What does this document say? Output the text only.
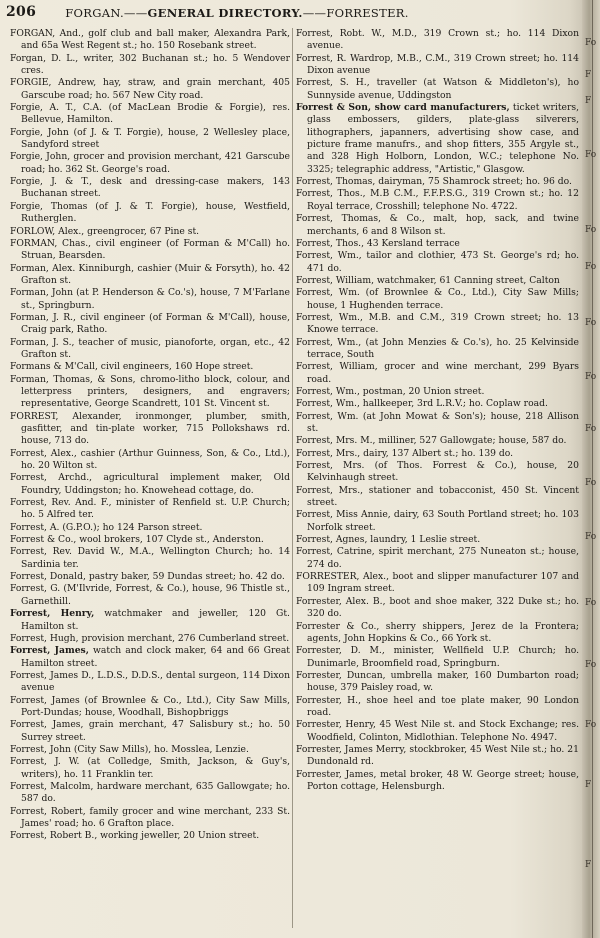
206	FORGAN.——GENERAL DIRECTORY.——FORRESTER.
FORGAN, And., golf club and ball maker, Alexandra Park, and 65a West Regent st.; ho. 150 Rosebank street.
Forgan, D. L., writer, 302 Buchanan st.; ho. 5 Wendover cres.
FORGIE, Andrew, hay, straw, and grain merchant, 405 Garscube road; ho. 567 New City road.
Forgie, A. T., C.A. (of MacLean Brodie & Forgie), res. Bellevue, Hamilton.
Forgie, John (of J. & T. Forgie), house, 2 Wellesley place, Sandyford street
Forgie, John, grocer and provision merchant, 421 Garscube road; ho. 362 St. George's road.
Forgie, J. & T., desk and dressing-case makers, 143 Buchanan street.
Forgie, Thomas (of J. & T. Forgie), house, Westfield, Rutherglen.
FORLOW, Alex., greengrocer, 67 Pine st.
FORMAN, Chas., civil engineer (of Forman & M'Call) ho. Struan, Bearsden.
Forman, Alex. Kinniburgh, cashier (Muir & Forsyth), ho. 42 Grafton st.
Forman, John (at P. Henderson & Co.'s), house, 7 M'Farlane st., Springburn.
Forman, J. R., civil engineer (of Forman & M'Call), house, Craig park, Ratho.
Forman, J. S., teacher of music, pianoforte, organ, etc., 42 Grafton st.
Formans & M'Call, civil engineers, 160 Hope street.
Forman, Thomas, & Sons, chromo-litho block, colour, and letterpress printers, designers, and engravers; representative, George Scandrett, 101 St. Vincent st.
FORREST, Alexander, ironmonger, plumber, smith, gasfitter, and tin-plate worker, 715 Pollokshaws rd. house, 713 do.
Forrest, Alex., cashier (Arthur Guinness, Son, & Co., Ltd.), ho. 20 Wilton st.
Forrest, Archd., agricultural implement maker, Old Foundry, Uddingston; ho. Knowehead cottage, do.
Forrest, Rev. And. F., minister of Renfield st. U.P. Church; ho. 5 Alfred ter.
Forrest, A. (G.P.O.); ho 124 Parson street.
Forrest & Co., wool brokers, 107 Clyde st., Anderston.
Forrest, Rev. David W., M.A., Wellington Church; ho. 14 Sardinia ter.
Forrest, Donald, pastry baker, 59 Dundas street; ho. 42 do.
Forrest, G. (M'Ilvride, Forrest, & Co.), house, 96 Thistle st., Garnethill.
Forrest, Henry, watchmaker and jeweller, 120 Gt. Hamilton st.
Forrest, Hugh, provision merchant, 276 Cumberland street.
Forrest, James, watch and clock maker, 64 and 66 Great Hamilton street.
Forrest, James D., L.D.S., D.D.S., dental surgeon, 114 Dixon avenue
Forrest, James (of Brownlee & Co., Ltd.), City Saw Mills, Port-Dundas; house, Woodhall, Bishopbriggs
Forrest, James, grain merchant, 47 Salisbury st.; ho. 50 Surrey street.
Forrest, John (City Saw Mills), ho. Mosslea, Lenzie.
Forrest, J. W. (at Colledge, Smith, Jackson, & Guy's, writers), ho. 11 Franklin ter.
Forrest, Malcolm, hardware merchant, 635 Gallowgate; ho. 587 do.
Forrest, Robert, family grocer and wine merchant, 233 St. James' road; ho. 6 Grafton place.
Forrest, Robert B., working jeweller, 20 Union street.
Forrest, Robt. W., M.D., 319 Crown st.; ho. 114 Dixon avenue.
Forrest, R. Wardrop, M.B., C.M., 319 Crown street; ho. 114 Dixon avenue
Forrest, S. H., traveller (at Watson & Middleton's), ho Sunnyside avenue, Uddingston
Forrest & Son, show card manufacturers, ticket writers, glass embossers, gilders, plate-glass silverers, lithographers, japanners, advertising show case, and picture frame manufrs., and shop fitters, 355 Argyle st., and 328 High Holborn, London, W.C.; telephone No. 3325; telegraphic address, "Artistic," Glasgow.
Forrest, Thomas, dairyman, 75 Shamrock street; ho. 96 do.
Forrest, Thos., M.B C.M., F.F.P.S.G., 319 Crown st.; ho. 12 Royal terrace, Crosshill; telephone No. 4722.
Forrest, Thomas, & Co., malt, hop, sack, and twine merchants, 6 and 8 Wilson st.
Forrest, Thos., 43 Kersland terrace
Forrest, Wm., tailor and clothier, 473 St. George's rd; ho. 471 do.
Forrest, William, watchmaker, 61 Canning street, Calton
Forrest, Wm. (of Brownlee & Co., Ltd.), City Saw Mills; house, 1 Hughenden terrace.
Forrest, Wm., M.B. and C.M., 319 Crown street; ho. 13 Knowe terrace.
Forrest, Wm., (at John Menzies & Co.'s), ho. 25 Kelvinside terrace, South
Forrest, William, grocer and wine merchant, 299 Byars road.
Forrest, Wm., postman, 20 Union street.
Forrest, Wm., hallkeeper, 3rd L.R.V.; ho. Coplaw road.
Forrest, Wm. (at John Mowat & Son's); house, 218 Allison st.
Forrest, Mrs. M., milliner, 527 Gallowgate; house, 587 do.
Forrest, Mrs., dairy, 137 Albert st.; ho. 139 do.
Forrest, Mrs. (of Thos. Forrest & Co.), house, 20 Kelvinhaugh street.
Forrest, Mrs., stationer and tobacconist, 450 St. Vincent street.
Forrest, Miss Annie, dairy, 63 South Portland street; ho. 103 Norfolk street.
Forrest, Agnes, laundry, 1 Leslie street.
Forrest, Catrine, spirit merchant, 275 Nuneaton st.; house, 274 do.
FORRESTER, Alex., boot and slipper manufacturer 107 and 109 Ingram street.
Forrester, Alex. B., boot and shoe maker, 322 Duke st.; ho. 320 do.
Forrester & Co., sherry shippers, Jerez de la Frontera; agents, John Hopkins & Co., 66 York st.
Forrester, D. M., minister, Wellfield U.P. Church; ho. Dunimarle, Broomfield road, Springburn.
Forrester, Duncan, umbrella maker, 160 Dumbarton road; house, 379 Paisley road, w.
Forrester, H., shoe heel and toe plate maker, 90 London road.
Forrester, Henry, 45 West Nile st. and Stock Exchange; res. Woodfield, Colinton, Midlothian. Telephone No. 4947.
Forrester, James Merry, stockbroker, 45 West Nile st.; ho. 21 Dundonald rd.
Forrester, James, metal broker, 48 W. George street; house, Porton cottage, Helensburgh.
Fo
F
F
Fo
Fo
Fo
Fo
Fo
Fo
Fo
Fo
Fo
Fo
Fo
F
F
